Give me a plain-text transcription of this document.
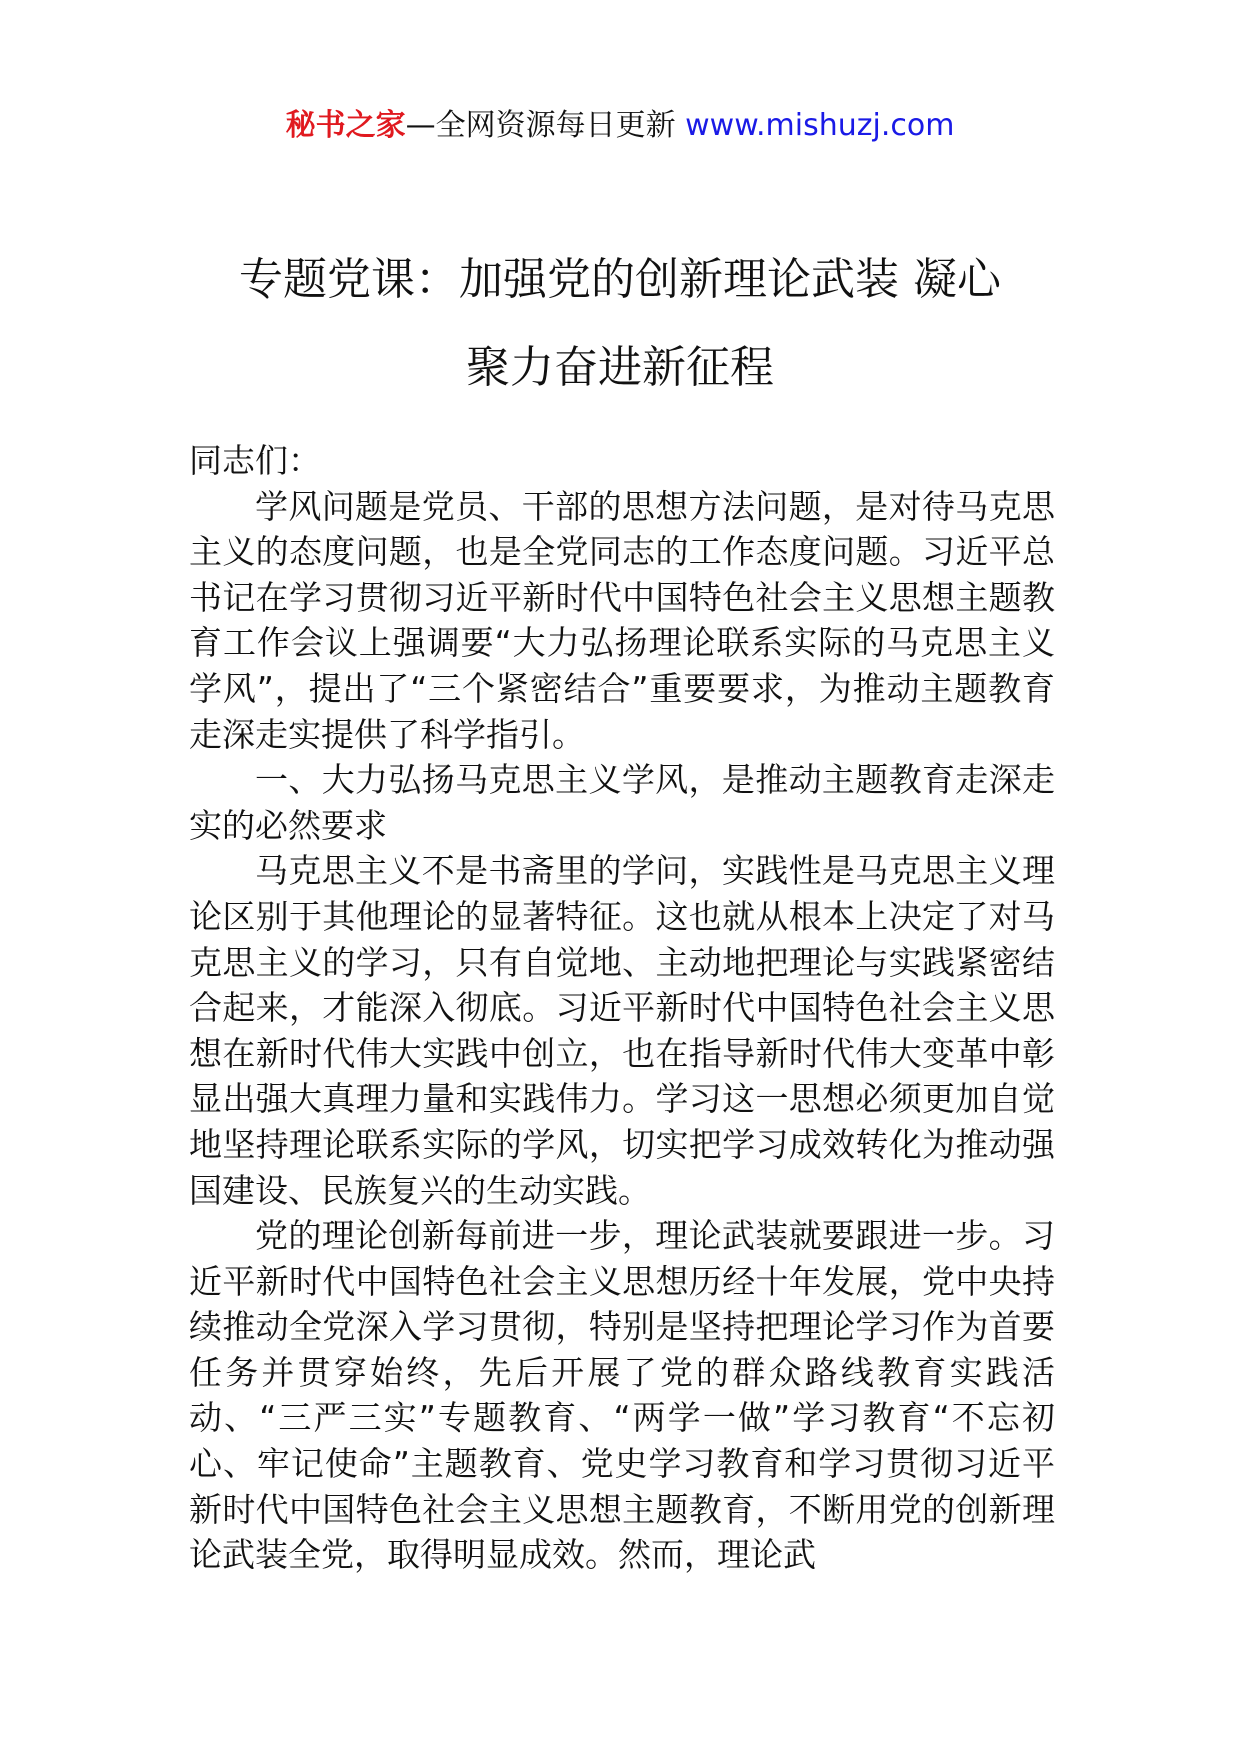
秘书之家—全网资源每日更新 www.mishuzj.com
专题党课：加强党的创新理论武装 凝心
聚力奋进新征程

同志们：

学风问题是党员、干部的思想方法问题，是对待马克思主义的态度问题，也是全党同志的工作态度问题。习近平总书记在学习贯彻习近平新时代中国特色社会主义思想主题教育工作会议上强调要“大力弘扬理论联系实际的马克思主义学风”，提出了“三个紧密结合”重要要求，为推动主题教育走深走实提供了科学指引。

一、大力弘扬马克思主义学风，是推动主题教育走深走实的必然要求

马克思主义不是书斋里的学问，实践性是马克思主义理论区别于其他理论的显著特征。这也就从根本上决定了对马克思主义的学习，只有自觉地、主动地把理论与实践紧密结合起来，才能深入彻底。习近平新时代中国特色社会主义思想在新时代伟大实践中创立，也在指导新时代伟大变革中彰显出强大真理力量和实践伟力。学习这一思想必须更加自觉地坚持理论联系实际的学风，切实把学习成效转化为推动强国建设、民族复兴的生动实践。

党的理论创新每前进一步，理论武装就要跟进一步。习近平新时代中国特色社会主义思想历经十年发展，党中央持续推动全党深入学习贯彻，特别是坚持把理论学习作为首要任务并贯穿始终，先后开展了党的群众路线教育实践活动、“三严三实”专题教育、“两学一做”学习教育“不忘初心、牢记使命”主题教育、党史学习教育和学习贯彻习近平新时代中国特色社会主义思想主题教育，不断用党的创新理论武装全党，取得明显成效。然而，理论武
